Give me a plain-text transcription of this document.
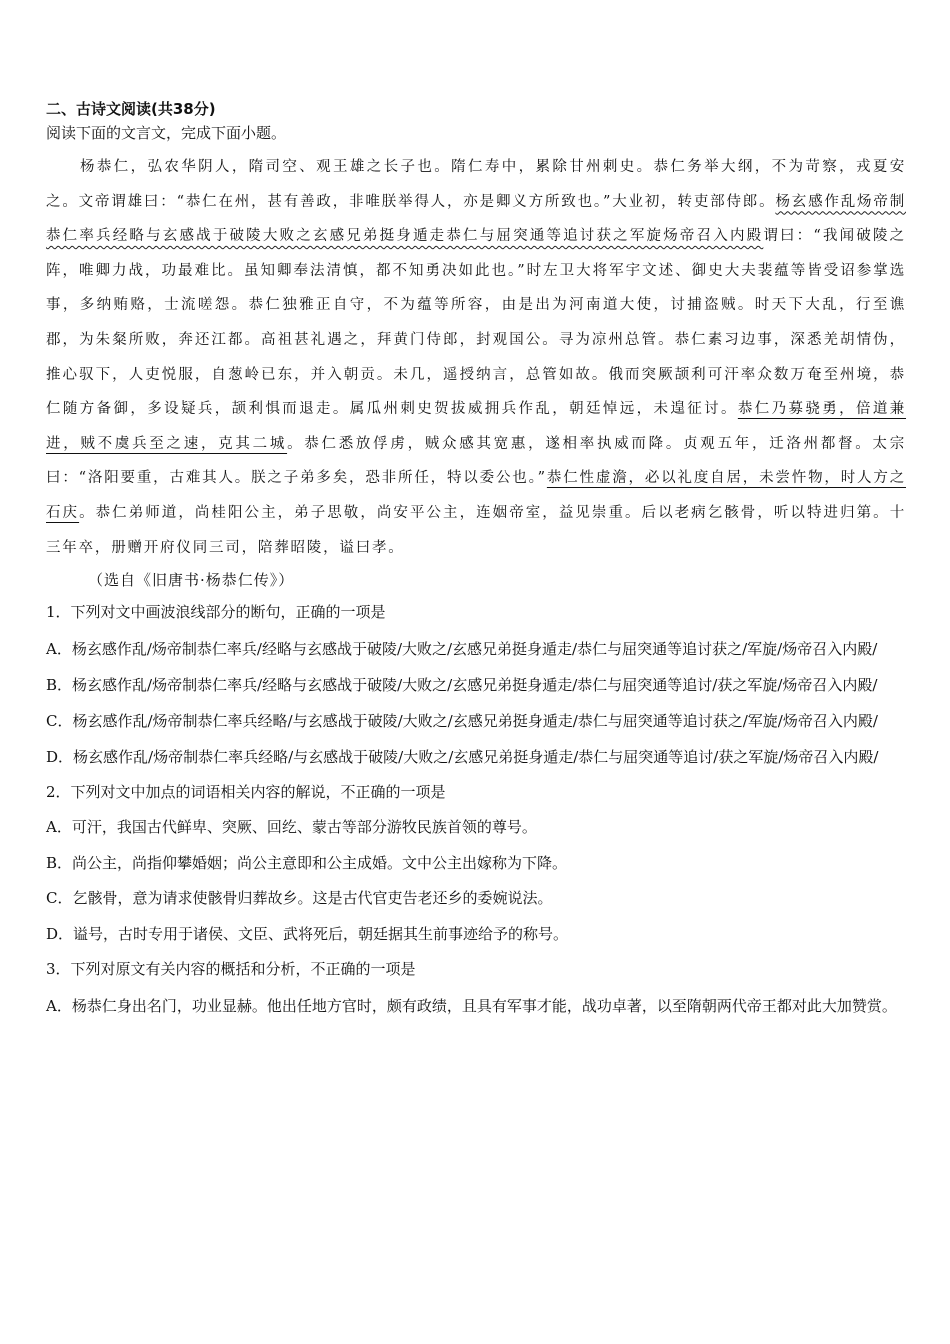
二、古诗文阅读(共38分)

阅读下面的文言文，完成下面小题。

杨恭仁，弘农华阴人，隋司空、观王雄之长子也。隋仁寿中，累除甘州刺史。恭仁务举大纲，不为苛察，戎夏安之。文帝谓雄曰：“恭仁在州，甚有善政，非唯朕举得人，亦是卿义方所致也。”大业初，转吏部侍郎。杨玄感作乱炀帝制恭仁率兵经略与玄感战于破陵大败之玄感兄弟挺身遁走恭仁与屈突通等追讨获之军旋炀帝召入内殿谓曰：“我闻破陵之阵，唯卿力战，功最难比。虽知卿奉法清慎，都不知勇决如此也。”时左卫大将军宇文述、御史大夫裴蕴等皆受诏参掌选事，多纳贿赂，士流嗟怨。恭仁独雅正自守，不为蕴等所容，由是出为河南道大使，讨捕盗贼。时天下大乱，行至谯郡，为朱粲所败，奔还江都。高祖甚礼遇之，拜黄门侍郎，封观国公。寻为凉州总管。恭仁素习边事，深悉羌胡情伪，推心驭下，人吏悦服，自葱岭已东，并入朝贡。未几，遥授纳言，总管如故。俄而突厥颉利可汗率众数万奄至州境，恭仁随方备御，多设疑兵，颉利惧而退走。属瓜州刺史贺拔威拥兵作乱，朝廷悼远，未遑征讨。恭仁乃募骁勇，倍道兼进，贼不虞兵至之速，克其二城。恭仁悉放俘虏，贼众感其宽惠，遂相率执威而降。贞观五年，迁洛州都督。太宗曰：“洛阳要重，古难其人。朕之子弟多矣，恐非所任，特以委公也。”恭仁性虚澹，必以礼度自居，未尝忤物，时人方之石庆。恭仁弟师道，尚桂阳公主，弟子思敬，尚安平公主，连姻帝室，益见崇重。后以老病乞骸骨，听以特进归第。十三年卒，册赠开府仪同三司，陪葬昭陵，谥曰孝。

（选自《旧唐书·杨恭仁传》）

1．下列对文中画波浪线部分的断句，正确的一项是

A．杨玄感作乱/炀帝制恭仁率兵/经略与玄感战于破陵/大败之/玄感兄弟挺身遁走/恭仁与屈突通等追讨获之/军旋/炀帝召入内殿/

B．杨玄感作乱/炀帝制恭仁率兵/经略与玄感战于破陵/大败之/玄感兄弟挺身遁走/恭仁与屈突通等追讨/获之军旋/炀帝召入内殿/

C．杨玄感作乱/炀帝制恭仁率兵经略/与玄感战于破陵/大败之/玄感兄弟挺身遁走/恭仁与屈突通等追讨获之/军旋/炀帝召入内殿/

D．杨玄感作乱/炀帝制恭仁率兵经略/与玄感战于破陵/大败之/玄感兄弟挺身遁走/恭仁与屈突通等追讨/获之军旋/炀帝召入内殿/

2．下列对文中加点的词语相关内容的解说，不正确的一项是

A．可汗，我国古代鲜卑、突厥、回纥、蒙古等部分游牧民族首领的尊号。

B．尚公主，尚指仰攀婚姻；尚公主意即和公主成婚。文中公主出嫁称为下降。

C．乞骸骨，意为请求使骸骨归葬故乡。这是古代官吏告老还乡的委婉说法。

D．谥号，古时专用于诸侯、文臣、武将死后，朝廷据其生前事迹给予的称号。

3．下列对原文有关内容的概括和分析，不正确的一项是

A．杨恭仁身出名门，功业显赫。他出任地方官时，颇有政绩，且具有军事才能，战功卓著，以至隋朝两代帝王都对此大加赞赏。
